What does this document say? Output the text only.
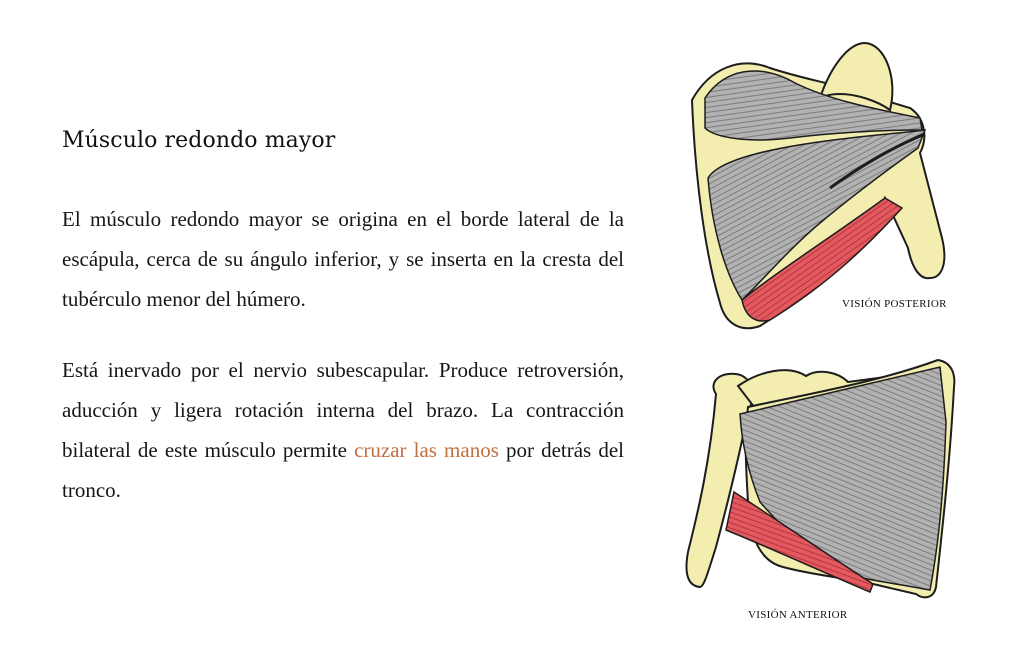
Músculo redondo mayor

El músculo redondo mayor se origina en el borde lateral de la escápula, cerca de su ángulo inferior, y se inserta en la cresta del tubérculo menor del húmero.

Está inervado por el nervio subescapular. Produce retroversión, aducción y ligera rotación interna del brazo. La contracción bilateral de este músculo permite cruzar las manos por detrás del tronco.

VISIÓN POSTERIOR
VISIÓN ANTERIOR
